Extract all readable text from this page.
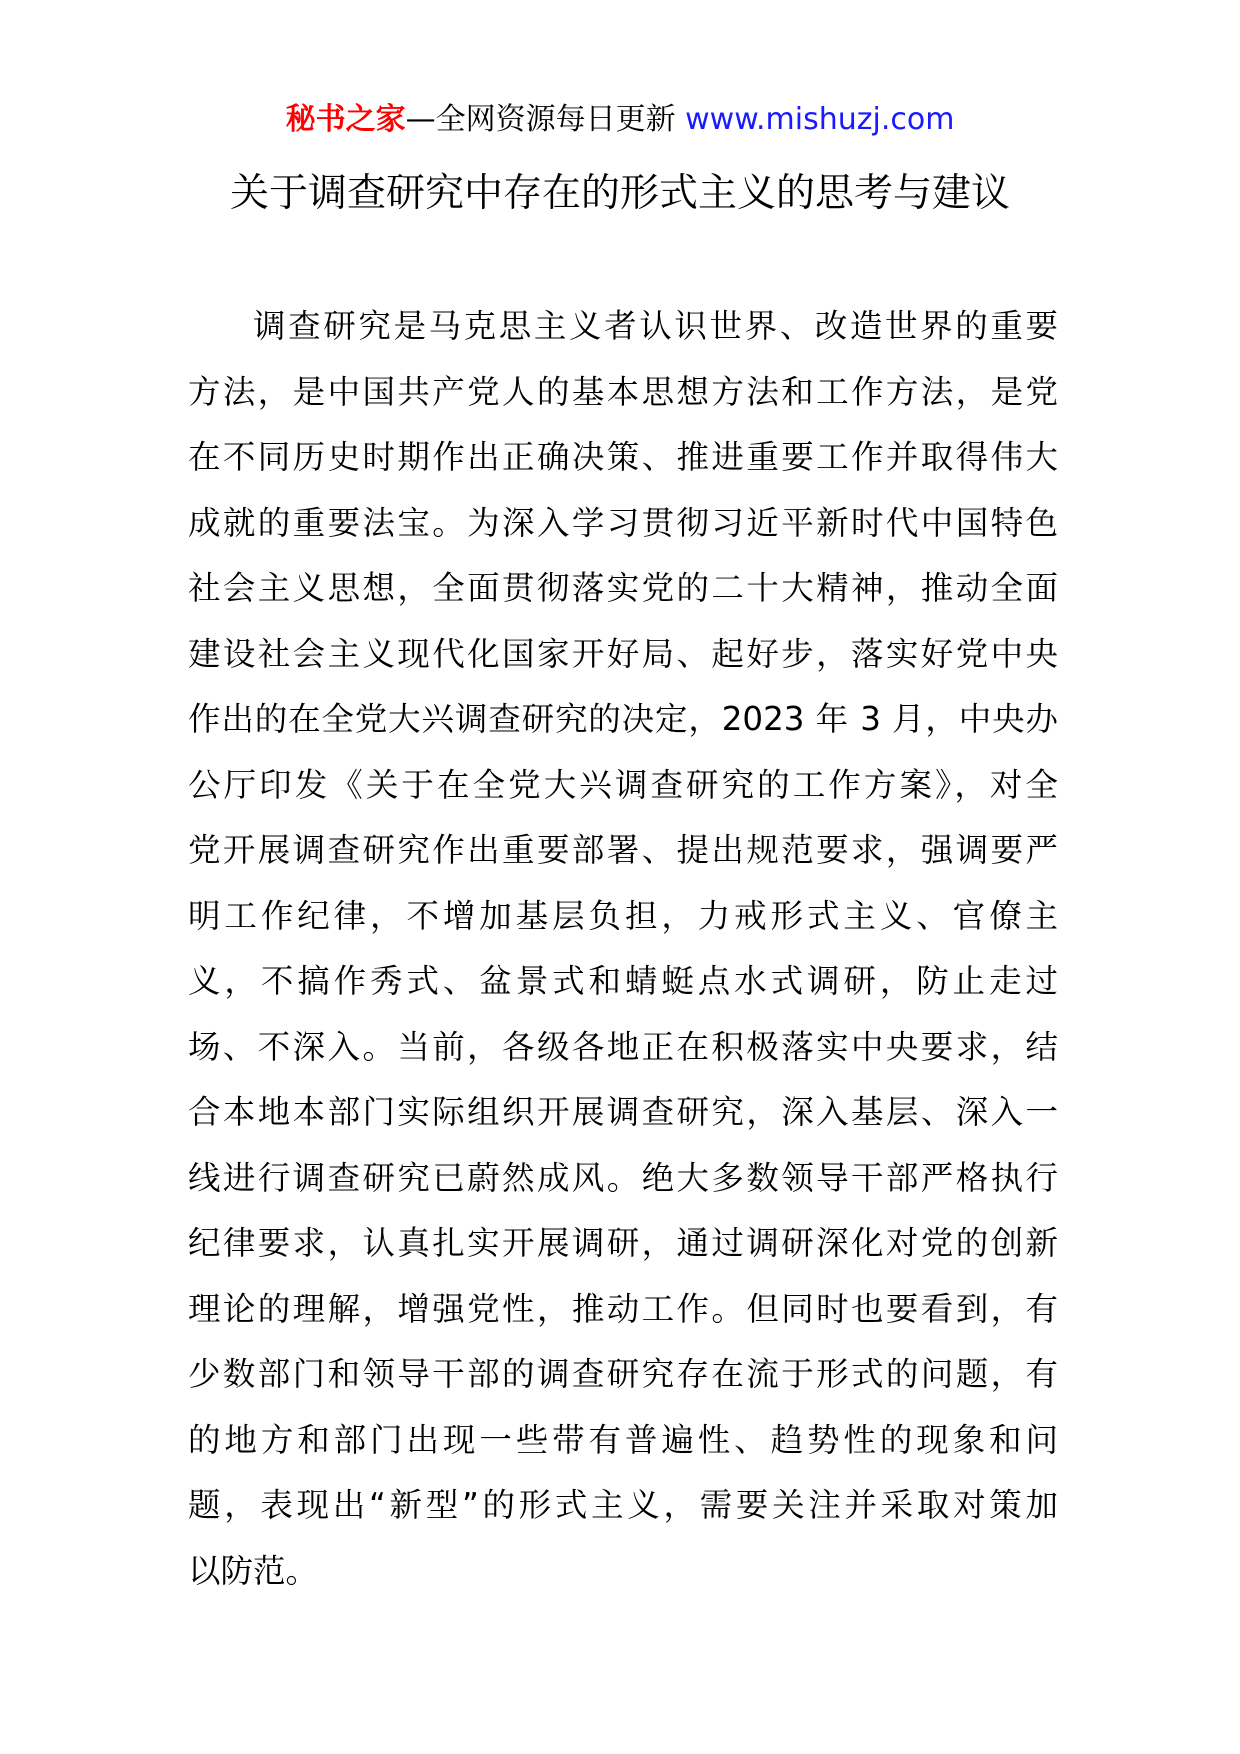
秘书之家—全网资源每日更新 www.mishuzj.com
关于调查研究中存在的形式主义的思考与建议
调查研究是马克思主义者认识世界、改造世界的重要
方法，是中国共产党人的基本思想方法和工作方法，是党
在不同历史时期作出正确决策、推进重要工作并取得伟大
成就的重要法宝。为深入学习贯彻习近平新时代中国特色
社会主义思想，全面贯彻落实党的二十大精神，推动全面
建设社会主义现代化国家开好局、起好步，落实好党中央
作出的在全党大兴调查研究的决定，2023 年 3 月，中央办
公厅印发《关于在全党大兴调查研究的工作方案》，对全
党开展调查研究作出重要部署、提出规范要求，强调要严
明工作纪律，不增加基层负担，力戒形式主义、官僚主
义，不搞作秀式、盆景式和蜻蜓点水式调研，防止走过
场、不深入。当前，各级各地正在积极落实中央要求，结
合本地本部门实际组织开展调查研究，深入基层、深入一
线进行调查研究已蔚然成风。绝大多数领导干部严格执行
纪律要求，认真扎实开展调研，通过调研深化对党的创新
理论的理解，增强党性，推动工作。但同时也要看到，有
少数部门和领导干部的调查研究存在流于形式的问题，有
的地方和部门出现一些带有普遍性、趋势性的现象和问
题，表现出“新型”的形式主义，需要关注并采取对策加
以防范。
